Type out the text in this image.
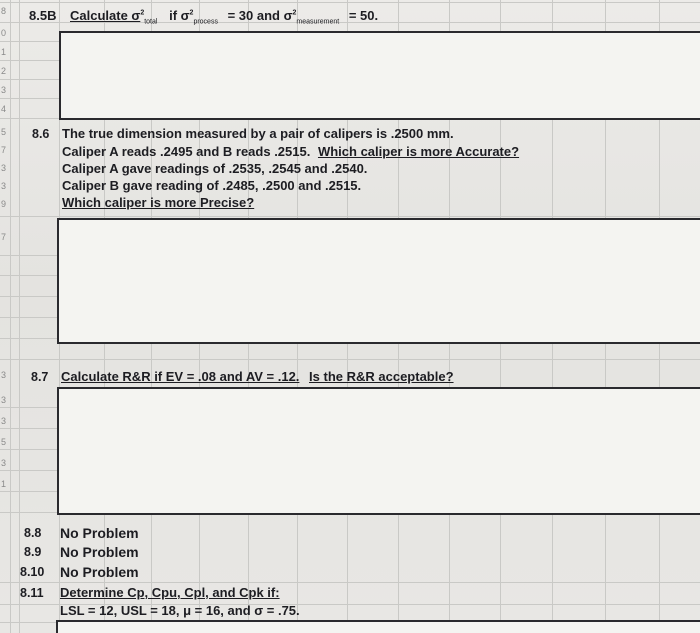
8
0
1
2
3
4
5
7
3
3
9
7
3
3
3
5
3
1
8.5B Calculate $\sigma^2_{total}$ if $\sigma^2_{process} = 30$ and $\sigma^2_{measurement} = 50$.
8.6 The true dimension measured by a pair of calipers is .2500 mm.
Caliper A reads .2495 and B reads .2515. Which caliper is more Accurate?
Caliper A gave readings of .2535, .2545 and .2540.
Caliper B gave reading of .2485, .2500 and .2515.
Which caliper is more Precise?
8.7 Calculate R&R if EV = .08 and AV = .12. Is the R&R acceptable?
8.8 No Problem
8.9 No Problem
8.10 No Problem
8.11 Determine Cp, Cpu, Cpl, and Cpk if:
LSL = 12, USL = 18, μ = 16, and σ = .75.
